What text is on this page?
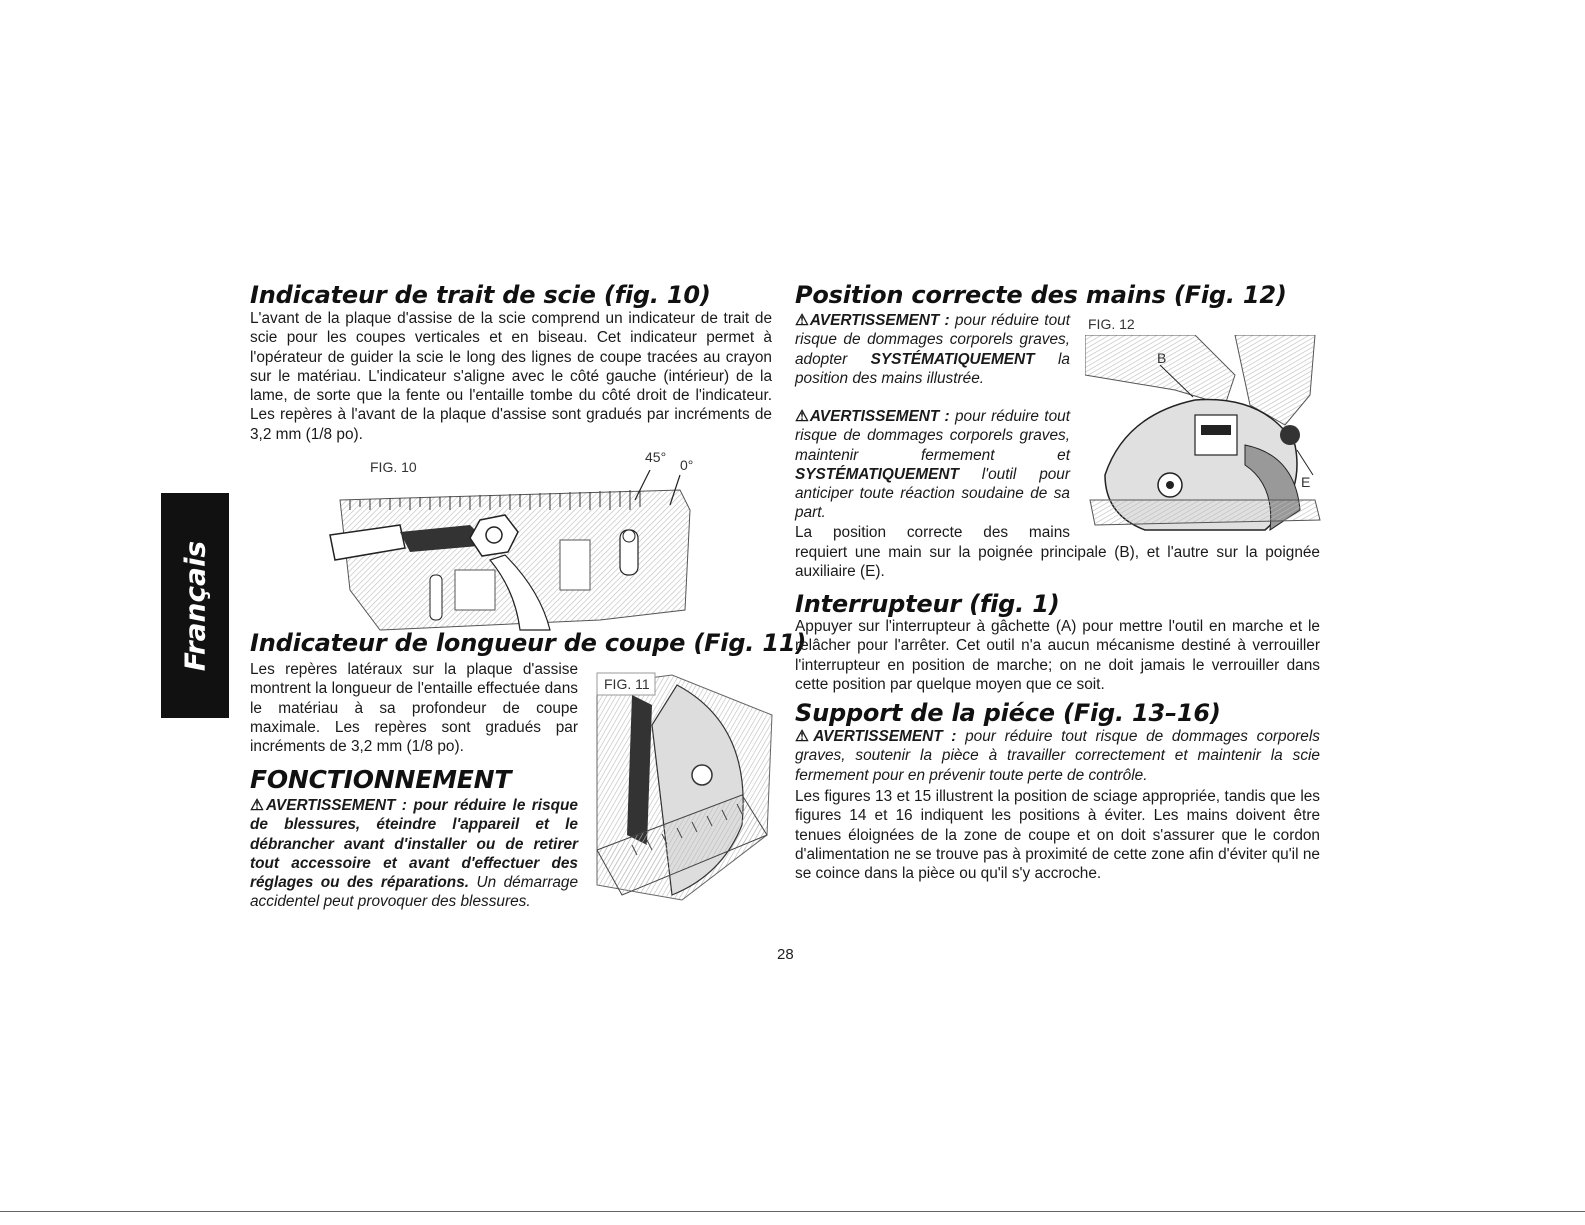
Français
Indicateur de trait de scie (fig. 10)

L'avant de la plaque d'assise de la scie comprend un indicateur de trait de scie pour les coupes verticales et en biseau. Cet indicateur permet à l'opérateur de guider la scie le long des lignes de coupe tracées au crayon sur le matériau. L'indicateur s'aligne avec le côté gauche (intérieur) de la lame, de sorte que la fente ou l'entaille tombe du côté droit de l'indicateur. Les repères à l'avant de la plaque d'assise sont gradués par incréments de 3,2 mm (1/8 po).

FIG. 10
45° 0°
Indicateur de longueur de coupe (Fig. 11)

Les repères latéraux sur la plaque d'assise montrent la longueur de l'entaille effectuée dans le matériau à sa profondeur de coupe maximale. Les repères sont gradués par incréments de 3,2 mm (1/8 po).

FIG. 11
FONCTIONNEMENT

⚠AVERTISSEMENT : pour réduire le risque de blessures, éteindre l'appareil et le débrancher avant d'installer ou de retirer tout accessoire et avant d'effectuer des réglages ou des réparations. Un démarrage accidentel peut provoquer des blessures.

Position correcte des mains (Fig. 12)

⚠AVERTISSEMENT : pour réduire tout risque de dommages corporels graves, adopter SYSTÉMATIQUEMENT la position des mains illustrée.

⚠AVERTISSEMENT : pour réduire tout risque de dommages corporels graves, maintenir fermement et SYSTÉMATIQUEMENT l'outil pour anticiper toute réaction soudaine de sa part.

La position correcte des mains

requiert une main sur la poignée principale (B), et l'autre sur la poignée auxiliaire (E).

FIG. 12
B
E
Interrupteur (fig. 1)

Appuyer sur l'interrupteur à gâchette (A) pour mettre l'outil en marche et le relâcher pour l'arrêter. Cet outil n'a aucun mécanisme destiné à verrouiller l'interrupteur en position de marche; on ne doit jamais le verrouiller dans cette position par quelque moyen que ce soit.

Support de la piéce (Fig. 13–16)

⚠AVERTISSEMENT : pour réduire tout risque de dommages corporels graves, soutenir la pièce à travailler correctement et maintenir la scie fermement pour en prévenir toute perte de contrôle.

Les figures 13 et 15 illustrent la position de sciage appropriée, tandis que les figures 14 et 16 indiquent les positions à éviter. Les mains doivent être tenues éloignées de la zone de coupe et on doit s'assurer que le cordon d'alimentation ne se trouve pas à proximité de cette zone afin d'éviter qu'il ne se coince dans la pièce ou qu'il s'y accroche.

28
